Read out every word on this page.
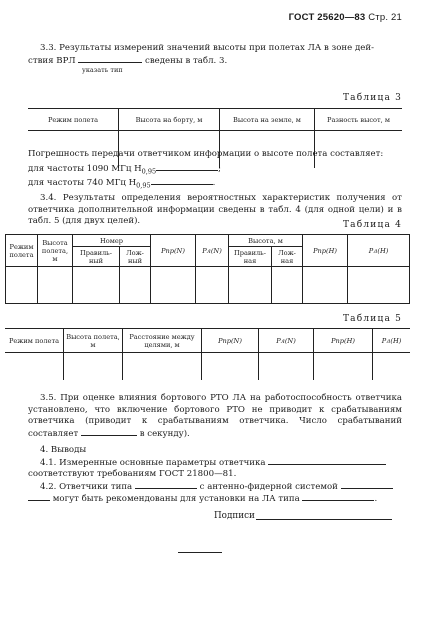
ГОСТ 25620—83 Стр. 21
3.3. Результаты измерений значений высоты при полетах ЛА в зоне дей-
ствия ВРЛ	сведены в табл. 3.
указать тип
Таблица 3
Режим полета	Высота на борту, м	Высота на земле, м	Разность высот, м

Погрешность передачи ответчиком информации о высоте полета составляет:
для частоты 1090 МГц $H_{0,95}$	;
для частоты 740 МГц $H_{0,95}$	.
3.4. Результаты определения вероятностных характеристик получения от ответчика дополнительной информации сведены в табл. 4 (для одной цели) и в табл. 5 (для двух целей).	Таблица 4
Режим полета	Высота полета, м	Номер		Pпр(N)	Pл(N)	Высота, м		Pпр(H)	Pл(H)
		Правиль-ный	Лож-ный			Правиль-ная	Лож-ная		

Таблица 5
Режим полета	Высота полета, м	Расстояние между целями, м	Pпр(N)	Pл(N)	Pпр(H)	Pл(H)

3.5. При оценке влияния бортового РТО ЛА на работоспособность ответчика установлено, что включение бортового РТО не приводит к срабатываниям ответчика (приводит к срабатываниям ответчика. Число срабатываний составляет	в секунду).
4. Выводы
4.1. Измеренные основные параметры ответчика
соответствуют требованиям ГОСТ 21800—81.
4.2. Ответчики типа	с антенно-фидерной системой
могут быть рекомендованы для установки на ЛА типа	.
Подписи
